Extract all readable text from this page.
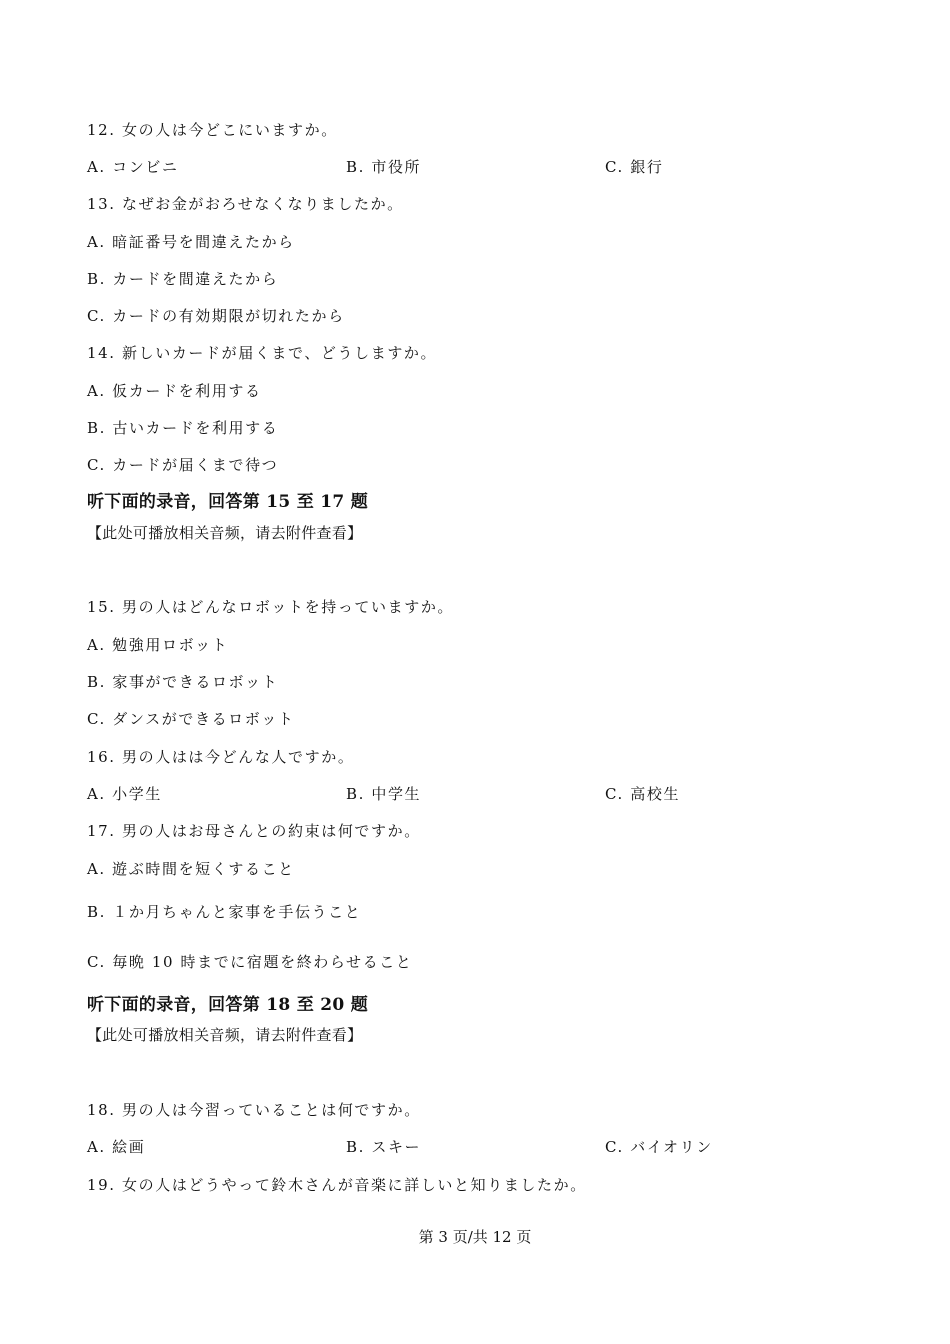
12. 女の人は今どこにいますか。
A. コンビニ	B. 市役所	C. 銀行
13. なぜお金がおろせなくなりましたか。
A. 暗証番号を間違えたから
B. カードを間違えたから
C. カードの有効期限が切れたから
14. 新しいカードが届くまで、どうしますか。
A. 仮カードを利用する
B. 古いカードを利用する
C. カードが届くまで待つ
听下面的录音，回答第 15 至 17 题
【此处可播放相关音频，请去附件查看】
15. 男の人はどんなロボットを持っていますか。
A. 勉強用ロボット
B. 家事ができるロボット
C. ダンスができるロボット
16. 男の人はは今どんな人ですか。
A. 小学生	B. 中学生	C. 高校生
17. 男の人はお母さんとの約束は何ですか。
A. 遊ぶ時間を短くすること
B. １か月ちゃんと家事を手伝うこと
C. 毎晩 10 時までに宿題を終わらせること
听下面的录音，回答第 18 至 20 题
【此处可播放相关音频，请去附件查看】
18. 男の人は今習っていることは何ですか。
A. 絵画	B. スキー	C. バイオリン
19. 女の人はどうやって鈴木さんが音楽に詳しいと知りましたか。
第 3 页/共 12 页
